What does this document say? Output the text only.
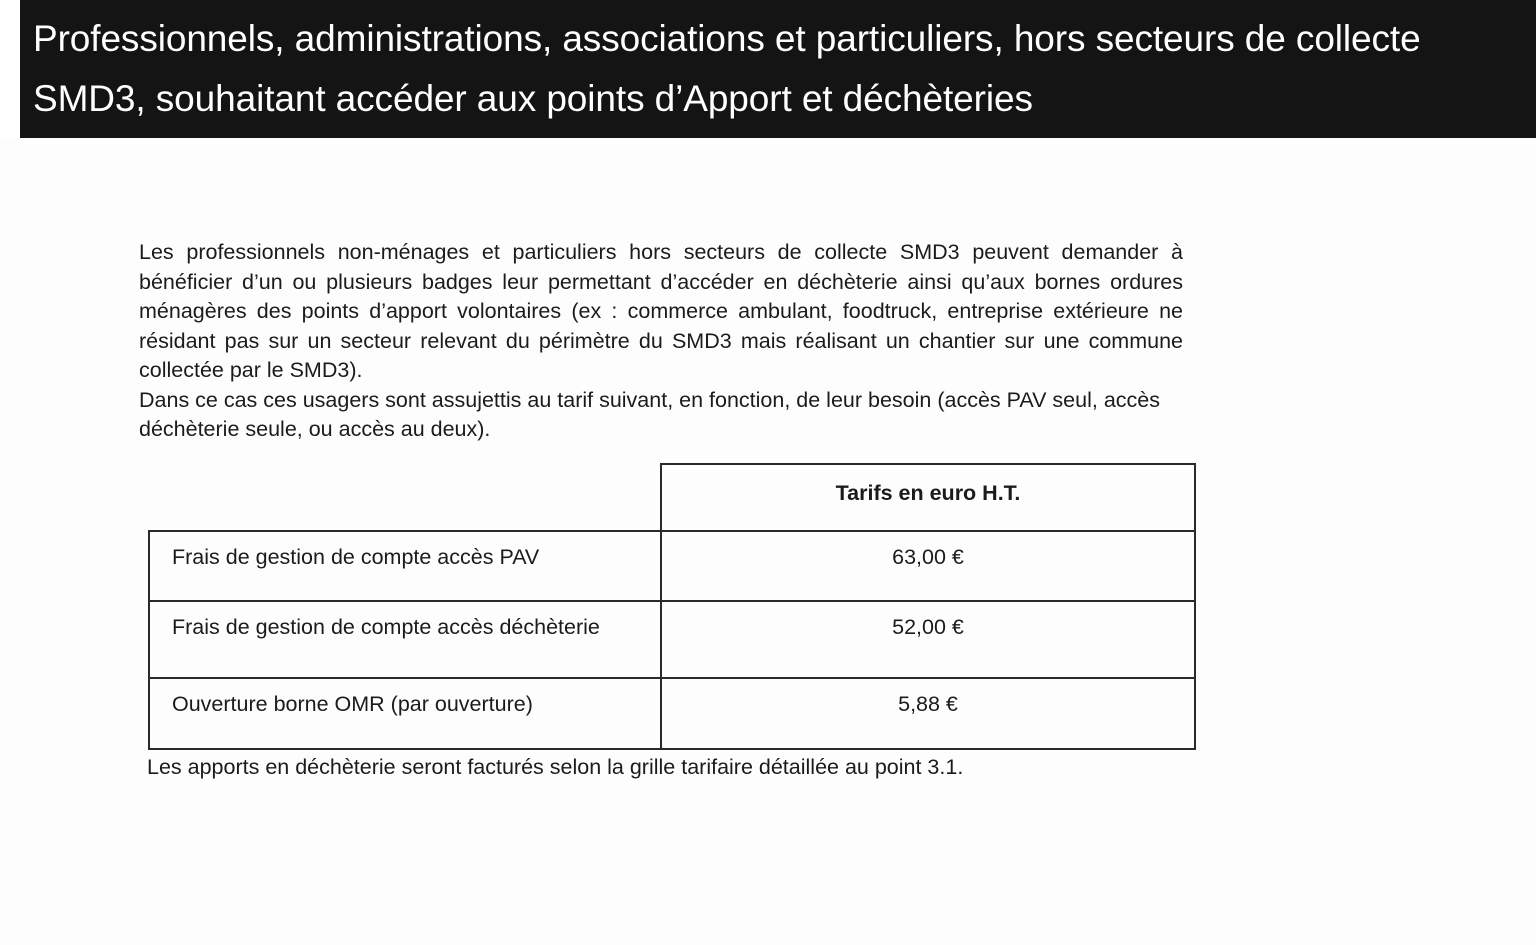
Professionnels, administrations, associations et particuliers, hors secteurs de collecte SMD3, souhaitant accéder aux points d’Apport et déchèteries

Les professionnels non-ménages et particuliers hors secteurs de collecte SMD3 peuvent demander à bénéficier d’un ou plusieurs badges leur permettant d’accéder en déchèterie ainsi qu’aux bornes ordures ménagères des points d’apport volontaires (ex : commerce ambulant, foodtruck, entreprise extérieure ne résidant pas sur un secteur relevant du périmètre du SMD3 mais réalisant un chantier sur une commune collectée par le SMD3).

Dans ce cas ces usagers sont assujettis au tarif suivant, en fonction, de leur besoin (accès PAV seul, accès déchèterie seule, ou accès au deux).

	Tarifs en euro H.T.

Frais de gestion de compte accès PAV	63,00 €

Frais de gestion de compte accès déchèterie	52,00 €

Ouverture borne OMR (par ouverture)	5,88 €
Les apports en déchèterie seront facturés selon la grille tarifaire détaillée au point 3.1.
